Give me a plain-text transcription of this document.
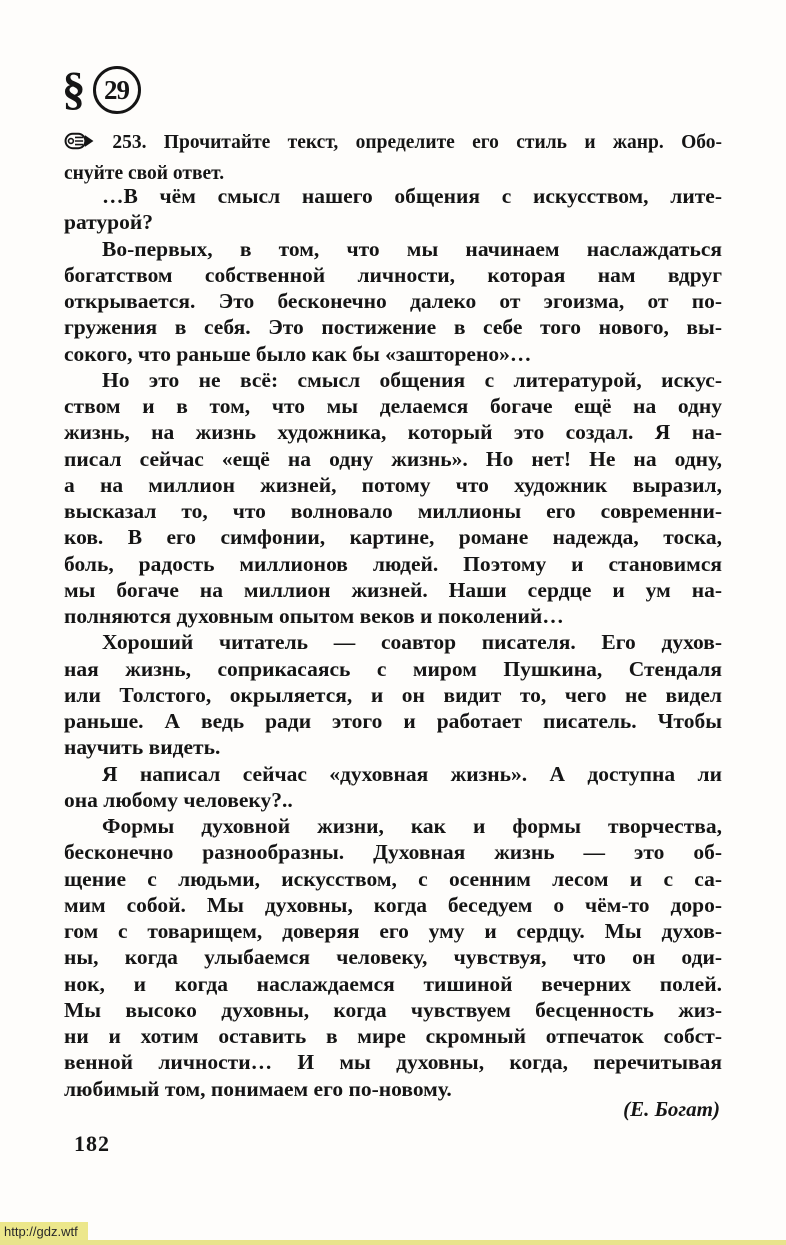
§ 29
253. Прочитайте текст, определите его стиль и жанр. Обо-
снуйте свой ответ.
…В чём смысл нашего общения с искусством, лите-
ратурой?
Во-первых, в том, что мы начинаем наслаждаться
богатством собственной личности, которая нам вдруг
открывается. Это бесконечно далеко от эгоизма, от по-
гружения в себя. Это постижение в себе того нового, вы-
сокого, что раньше было как бы «зашторено»…
Но это не всё: смысл общения с литературой, искус-
ством и в том, что мы делаемся богаче ещё на одну
жизнь, на жизнь художника, который это создал. Я на-
писал сейчас «ещё на одну жизнь». Но нет! Не на одну,
а на миллион жизней, потому что художник выразил,
высказал то, что волновало миллионы его современни-
ков. В его симфонии, картине, романе надежда, тоска,
боль, радость миллионов людей. Поэтому и становимся
мы богаче на миллион жизней. Наши сердце и ум на-
полняются духовным опытом веков и поколений…
Хороший читатель — соавтор писателя. Его духов-
ная жизнь, соприкасаясь с миром Пушкина, Стендаля
или Толстого, окрыляется, и он видит то, чего не видел
раньше. А ведь ради этого и работает писатель. Чтобы
научить видеть.
Я написал сейчас «духовная жизнь». А доступна ли
она любому человеку?..
Формы духовной жизни, как и формы творчества,
бесконечно разнообразны. Духовная жизнь — это об-
щение с людьми, искусством, с осенним лесом и с са-
мим собой. Мы духовны, когда беседуем о чём-то доро-
гом с товарищем, доверяя его уму и сердцу. Мы духов-
ны, когда улыбаемся человеку, чувствуя, что он оди-
нок, и когда наслаждаемся тишиной вечерних полей.
Мы высоко духовны, когда чувствуем бесценность жиз-
ни и хотим оставить в мире скромный отпечаток собст-
венной личности… И мы духовны, когда, перечитывая
любимый том, понимаем его по-новому.
(Е. Богат)
182
http://gdz.wtf
